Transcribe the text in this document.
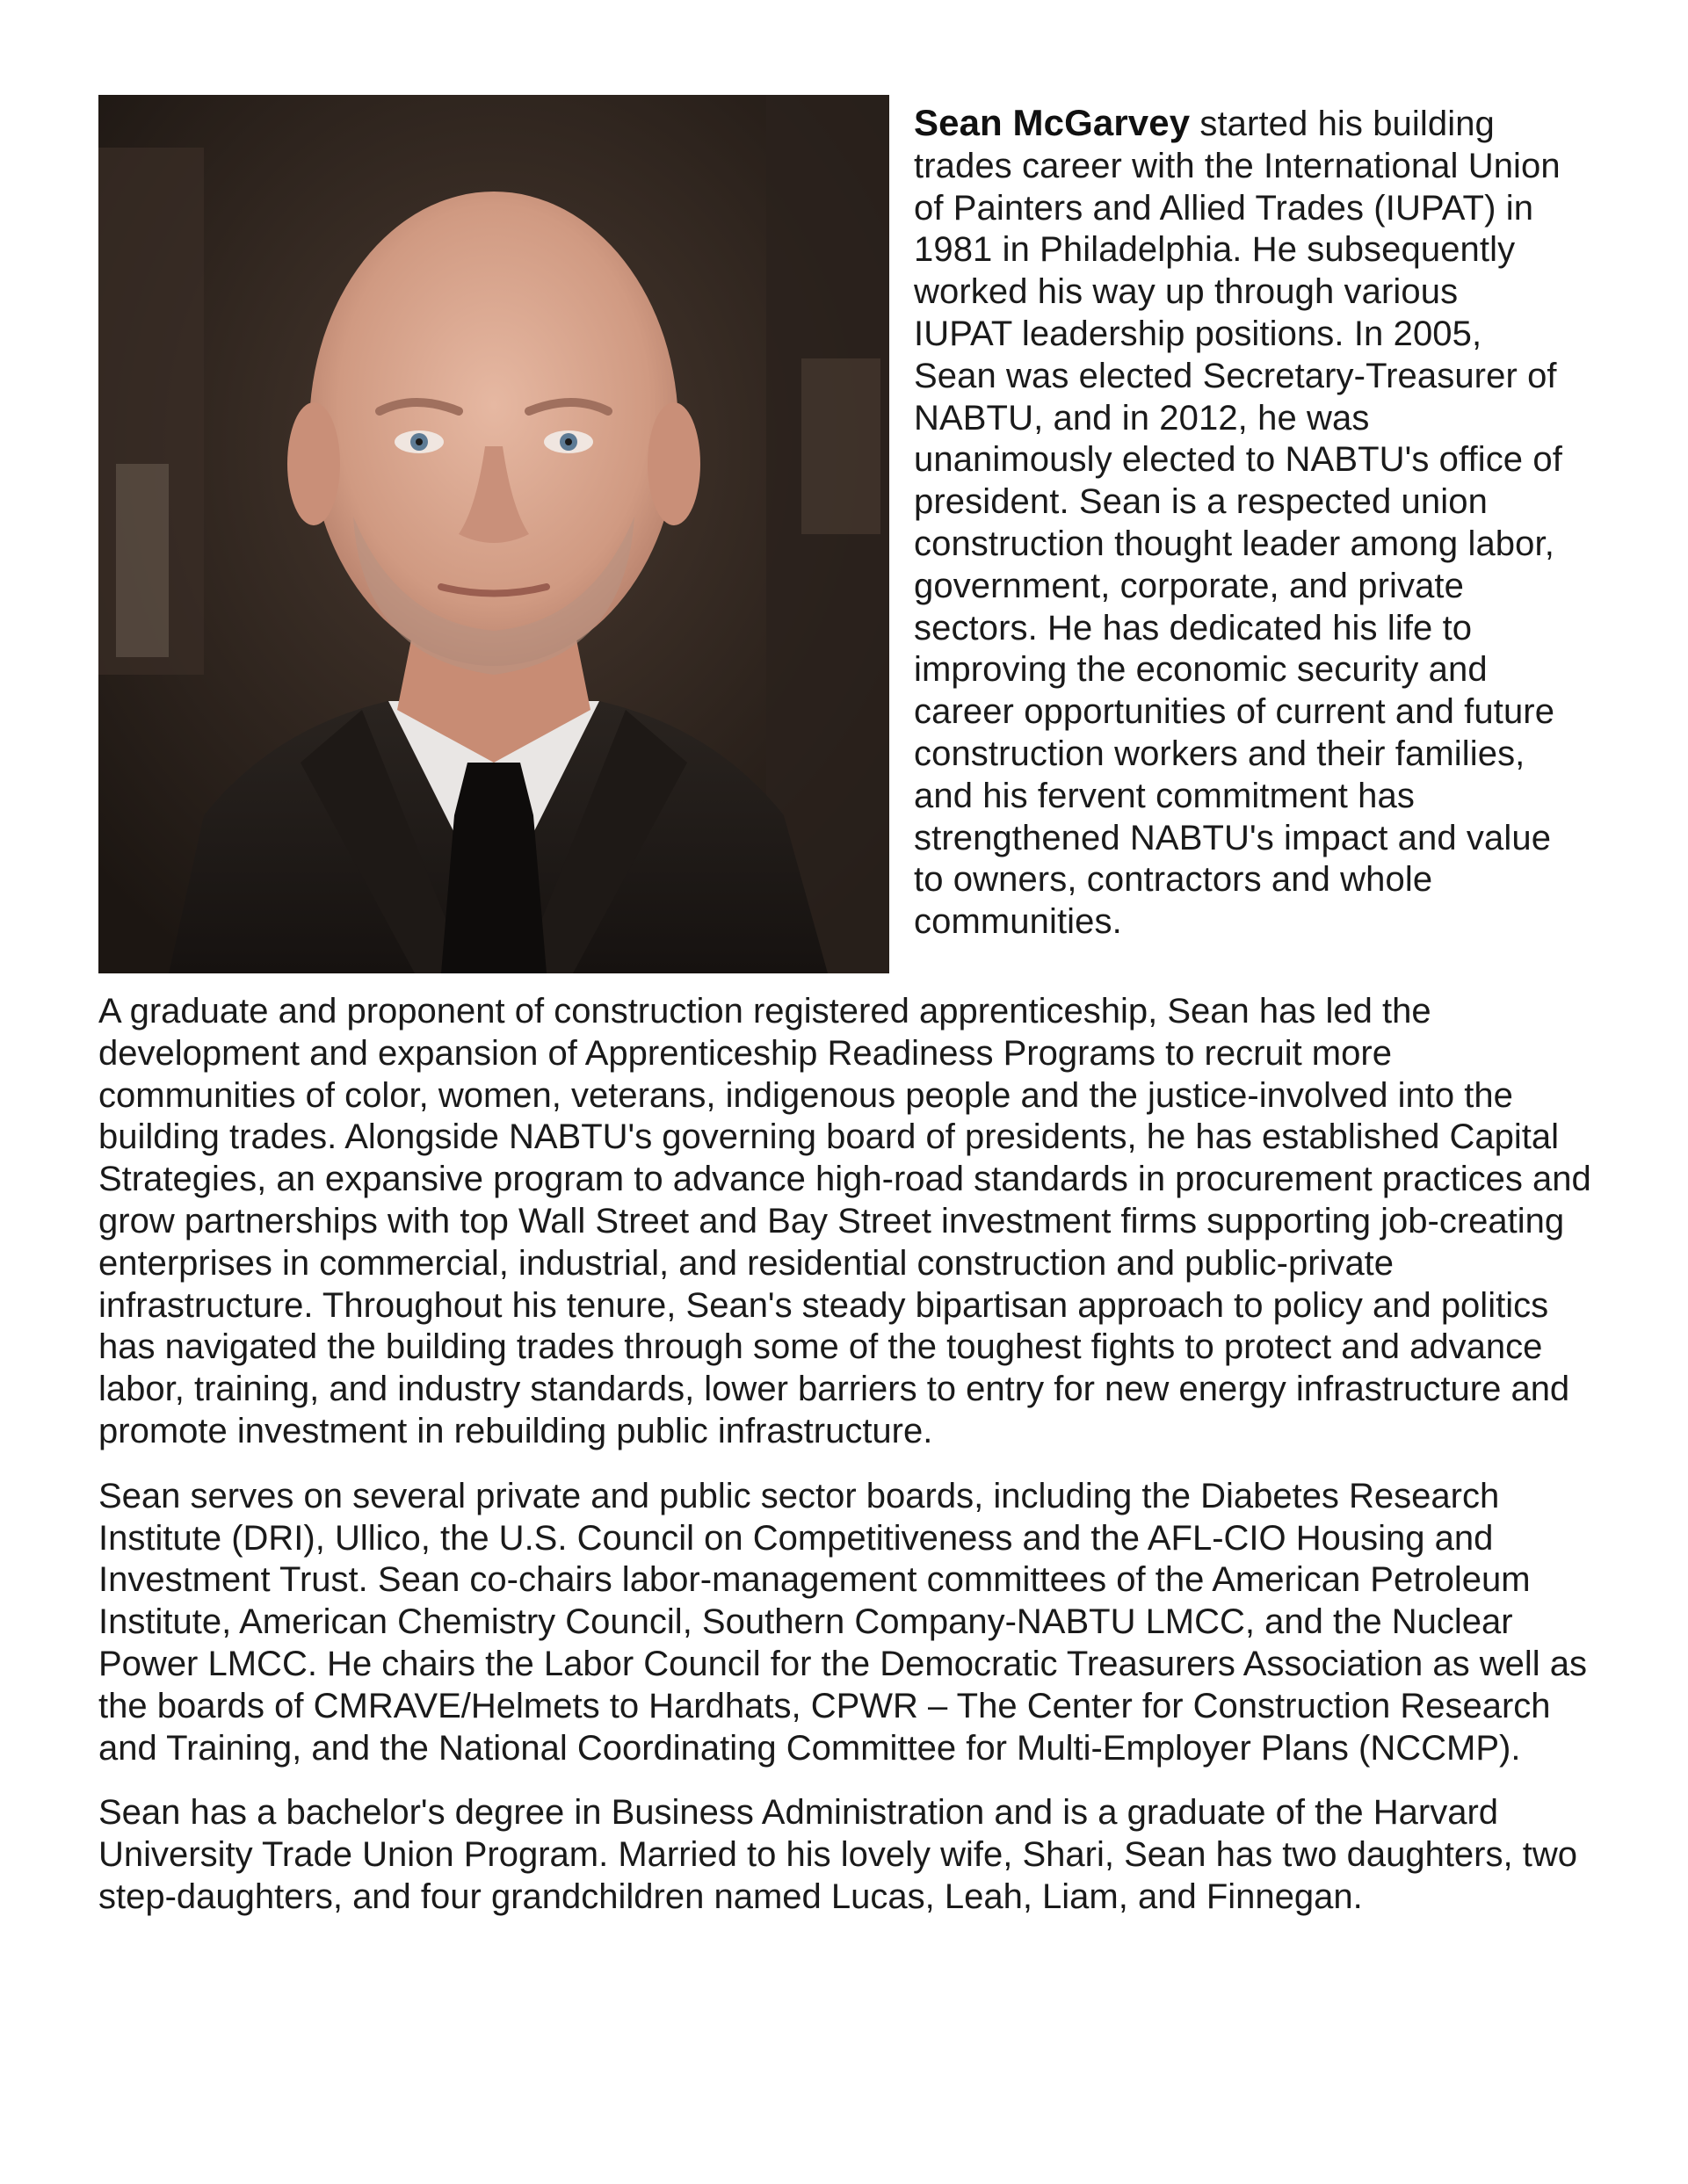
Sean McGarvey started his building trades career with the International Union of Painters and Allied Trades (IUPAT) in 1981 in Philadelphia. He subsequently worked his way up through various IUPAT leadership positions. In 2005, Sean was elected Secretary-Treasurer of NABTU, and in 2012, he was unanimously elected to NABTU's office of president. Sean is a respected union construction thought leader among labor, government, corporate, and private sectors. He has dedicated his life to improving the economic security and career opportunities of current and future construction workers and their families, and his fervent commitment has strengthened NABTU's impact and value to owners, contractors and whole communities.

A graduate and proponent of construction registered apprenticeship, Sean has led the development and expansion of Apprenticeship Readiness Programs to recruit more communities of color, women, veterans, indigenous people and the justice-involved into the building trades. Alongside NABTU's governing board of presidents, he has established Capital Strategies, an expansive program to advance high-road standards in procurement practices and grow partnerships with top Wall Street and Bay Street investment firms supporting job-creating enterprises in commercial, industrial, and residential construction and public-private infrastructure. Throughout his tenure, Sean's steady bipartisan approach to policy and politics has navigated the building trades through some of the toughest fights to protect and advance labor, training, and industry standards, lower barriers to entry for new energy infrastructure and promote investment in rebuilding public infrastructure.

Sean serves on several private and public sector boards, including the Diabetes Research Institute (DRI), Ullico, the U.S. Council on Competitiveness and the AFL-CIO Housing and Investment Trust. Sean co-chairs labor-management committees of the American Petroleum Institute, American Chemistry Council, Southern Company-NABTU LMCC, and the Nuclear Power LMCC. He chairs the Labor Council for the Democratic Treasurers Association as well as the boards of CMRAVE/Helmets to Hardhats, CPWR – The Center for Construction Research and Training, and the National Coordinating Committee for Multi-Employer Plans (NCCMP).

Sean has a bachelor's degree in Business Administration and is a graduate of the Harvard University Trade Union Program. Married to his lovely wife, Shari, Sean has two daughters, two step-daughters, and four grandchildren named Lucas, Leah, Liam, and Finnegan.
